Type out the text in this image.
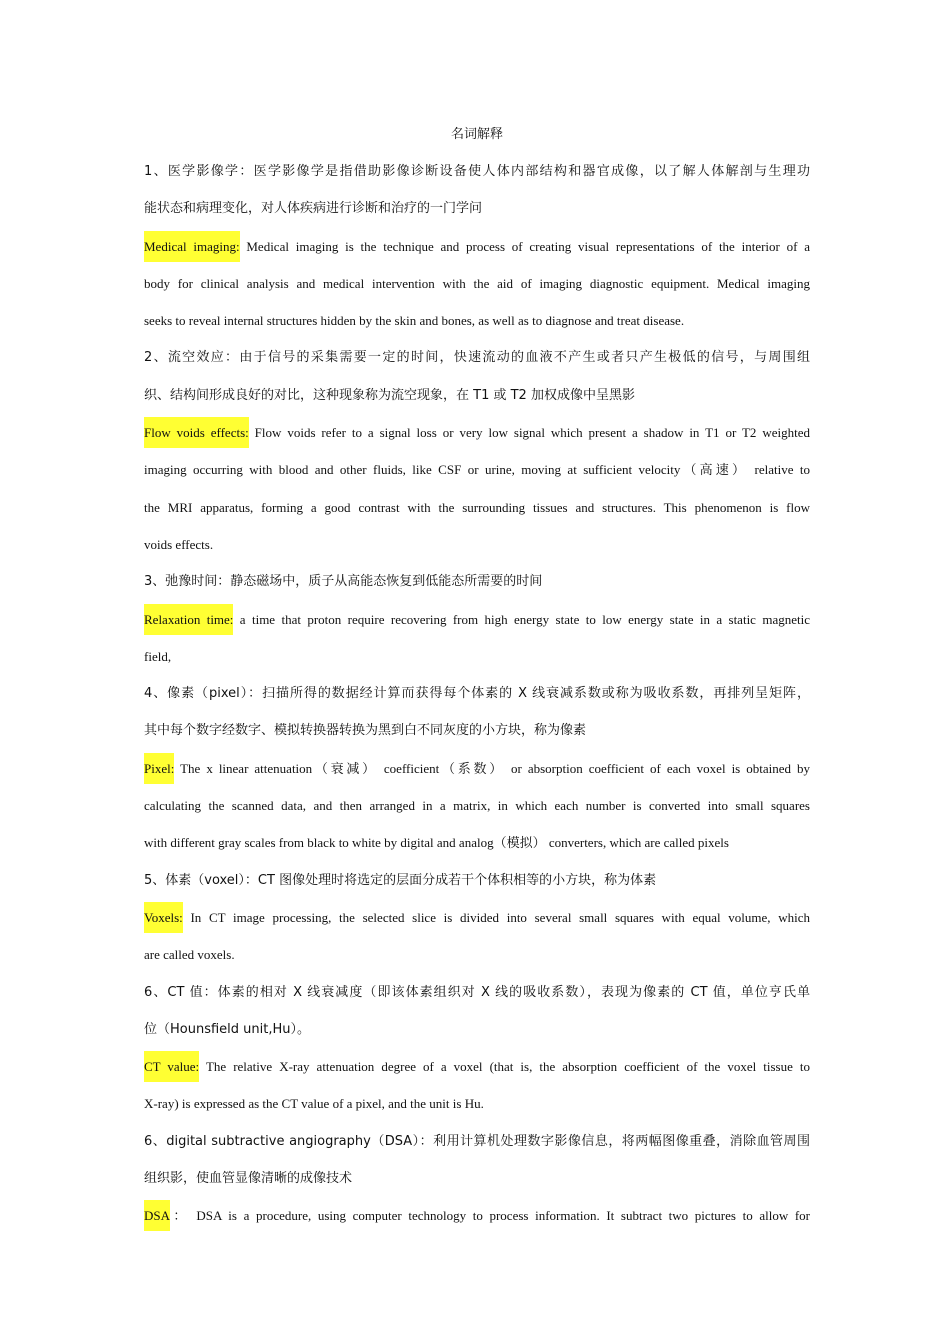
名词解释
1、医学影像学：医学影像学是指借助影像诊断设备使人体内部结构和器官成像，以了解人体解剖与生理功
能状态和病理变化，对人体疾病进行诊断和治疗的一门学问
Medical imaging: Medical imaging is the technique and process of creating visual representations of the interior of a
body for clinical analysis and medical intervention with the aid of imaging diagnostic equipment. Medical imaging
seeks to reveal internal structures hidden by the skin and bones, as well as to diagnose and treat disease.
2、流空效应：由于信号的采集需要一定的时间，快速流动的血液不产生或者只产生极低的信号，与周围组
织、结构间形成良好的对比，这种现象称为流空现象，在 T1 或 T2 加权成像中呈黑影
Flow voids effects: Flow voids refer to a signal loss or very low signal which present a shadow in T1 or T2 weighted
imaging occurring with blood and other fluids, like CSF or urine, moving at sufficient velocity（高速） relative to
the MRI apparatus, forming a good contrast with the surrounding tissues and structures. This phenomenon is flow
voids effects.
3、弛豫时间：静态磁场中，质子从高能态恢复到低能态所需要的时间
Relaxation time: a time that proton require recovering from high energy state to low energy state in a static magnetic
field,
4、像素（pixel）：扫描所得的数据经计算而获得每个体素的 X 线衰减系数或称为吸收系数，再排列呈矩阵，
其中每个数字经数字、模拟转换器转换为黑到白不同灰度的小方块，称为像素
Pixel: The x linear attenuation（衰减） coefficient（系数） or absorption coefficient of each voxel is obtained by
calculating the scanned data, and then arranged in a matrix, in which each number is converted into small squares
with different gray scales from black to white by digital and analog（模拟） converters, which are called pixels
5、体素（voxel）：CT 图像处理时将选定的层面分成若干个体积相等的小方块，称为体素
Voxels: In CT image processing, the selected slice is divided into several small squares with equal volume, which
are called voxels.
6、CT 值：体素的相对 X 线衰减度（即该体素组织对 X 线的吸收系数），表现为像素的 CT 值，单位亨氏单
位（Hounsfield unit,Hu）。
CT value: The relative X-ray attenuation degree of a voxel (that is, the absorption coefficient of the voxel tissue to
X-ray) is expressed as the CT value of a pixel, and the unit is Hu.
6、digital subtractive angiography（DSA）：利用计算机处理数字影像信息，将两幅图像重叠，消除血管周围
组织影，使血管显像清晰的成像技术
DSA： DSA is a procedure, using computer technology to process information. It subtract two pictures to allow for
